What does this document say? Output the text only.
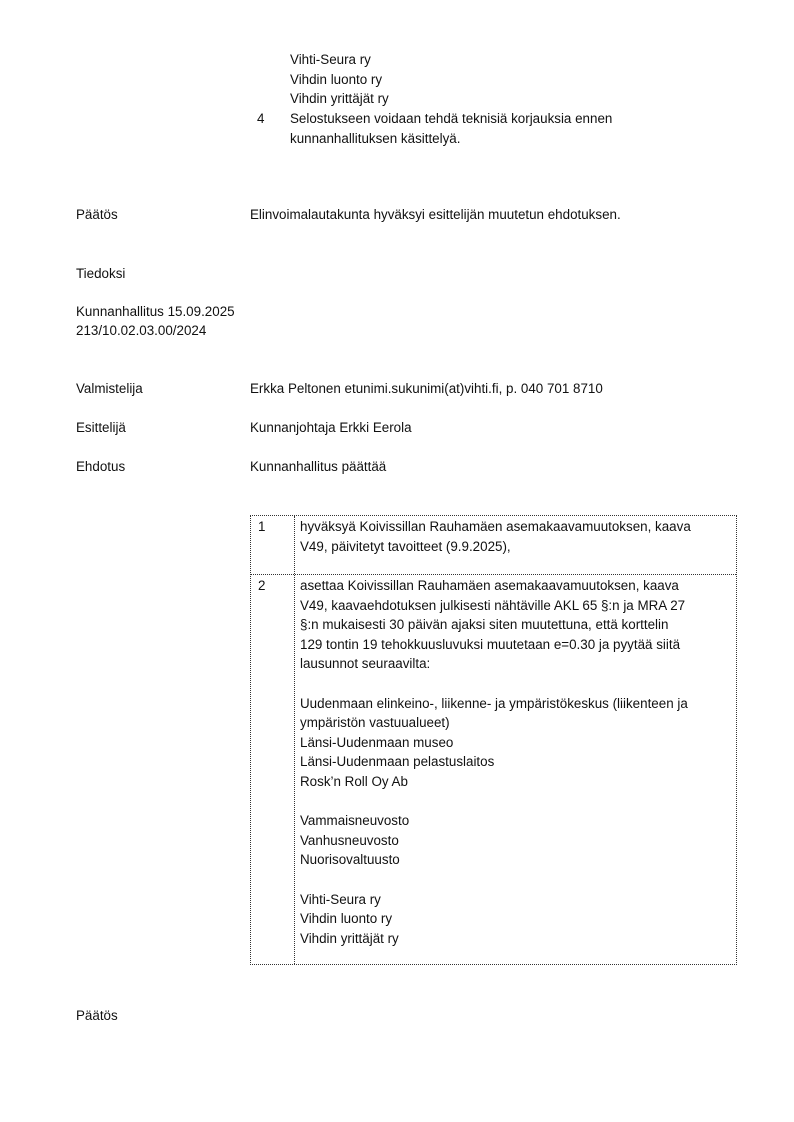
Vihti-Seura ry
Vihdin luonto ry
Vihdin yrittäjät ry
4 Selostukseen voidaan tehdä teknisiä korjauksia ennen
kunnanhallituksen käsittelyä.
Päätös	Elinvoimalautakunta hyväksyi esittelijän muutetun ehdotuksen.
Tiedoksi
Kunnanhallitus 15.09.2025
213/10.02.03.00/2024
Valmistelija	Erkka Peltonen etunimi.sukunimi(at)vihti.fi, p. 040 701 8710
Esittelijä	Kunnanjohtaja Erkki Eerola
Ehdotus	Kunnanhallitus päättää
1	hyväksyä Koivissillan Rauhamäen asemakaavamuutoksen, kaava
V49, päivitetyt tavoitteet (9.9.2025),
2	asettaa Koivissillan Rauhamäen asemakaavamuutoksen, kaava
V49, kaavaehdotuksen julkisesti nähtäville AKL 65 §:n ja MRA 27
§:n mukaisesti 30 päivän ajaksi siten muutettuna, että korttelin
129 tontin 19 tehokkuusluvuksi muutetaan e=0.30 ja pyytää siitä
lausunnot seuraavilta:
Uudenmaan elinkeino-, liikenne- ja ympäristökeskus (liikenteen ja
ympäristön vastuualueet)
Länsi-Uudenmaan museo
Länsi-Uudenmaan pelastuslaitos
Rosk’n Roll Oy Ab
Vammaisneuvosto
Vanhusneuvosto
Nuorisovaltuusto
Vihti-Seura ry
Vihdin luonto ry
Vihdin yrittäjät ry
Päätös
